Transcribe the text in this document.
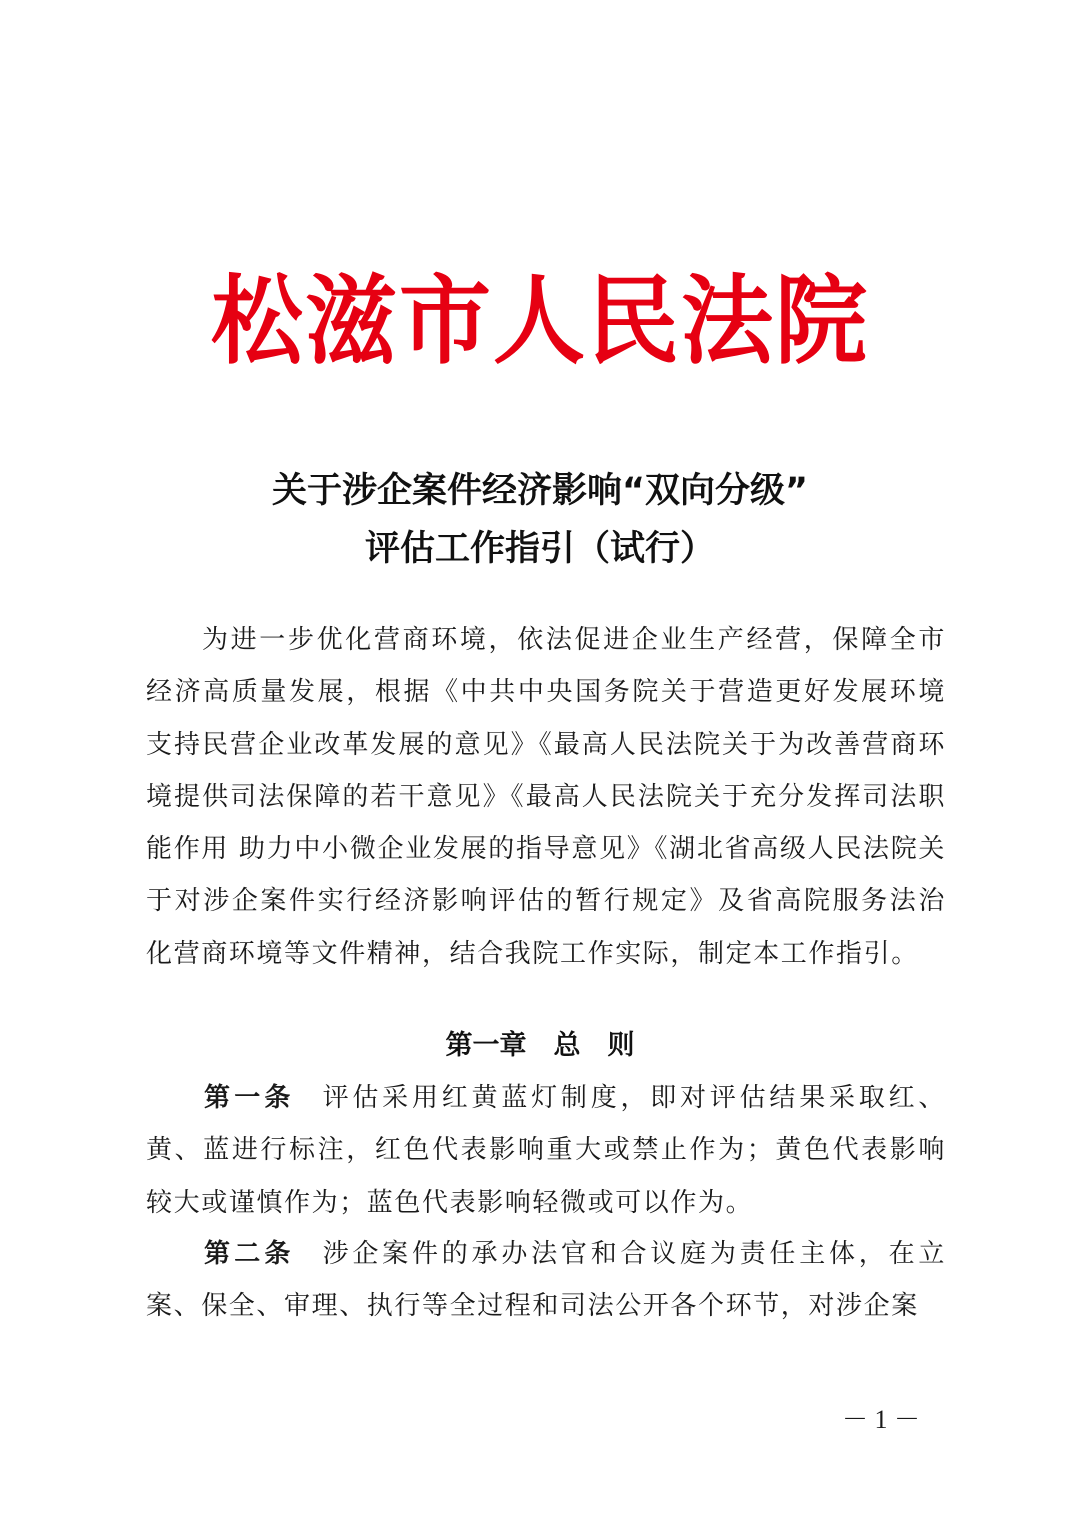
松滋市人民法院
关于涉企案件经济影响“双向分级”
评估工作指引（试行）

为进一步优化营商环境，依法促进企业生产经营，保障全市经济高质量发展，根据《中共中央国务院关于营造更好发展环境支持民营企业改革发展的意见》《最高人民法院关于为改善营商环境提供司法保障的若干意见》《最高人民法院关于充分发挥司法职能作用 助力中小微企业发展的指导意见》《湖北省高级人民法院关于对涉企案件实行经济影响评估的暂行规定》及省高院服务法治化营商环境等文件精神，结合我院工作实际，制定本工作指引。

第一章　总　则

第一条 评估采用红黄蓝灯制度，即对评估结果采取红、黄、蓝进行标注，红色代表影响重大或禁止作为；黄色代表影响较大或谨慎作为；蓝色代表影响轻微或可以作为。

第二条 涉企案件的承办法官和合议庭为责任主体，在立案、保全、审理、执行等全过程和司法公开各个环节，对涉企案

－ 1 －
